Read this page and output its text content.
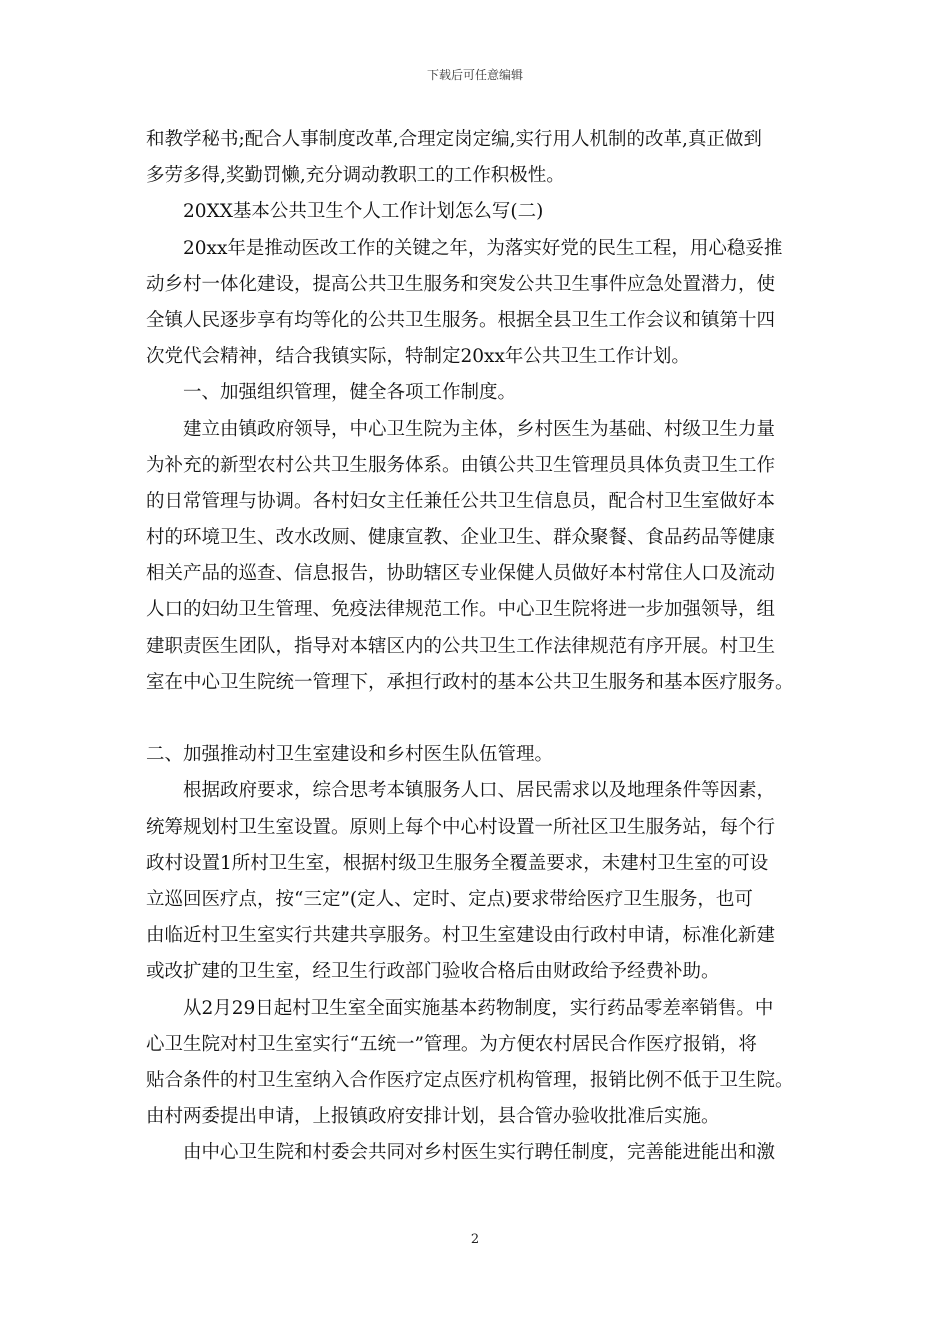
下载后可任意编辑
和教学秘书;配合人事制度改革,合理定岗定编,实行用人机制的改革,真正做到
多劳多得,奖勤罚懒,充分调动教职工的工作积极性。
20XX基本公共卫生个人工作计划怎么写(二)
20xx年是推动医改工作的关键之年，为落实好党的民生工程，用心稳妥推
动乡村一体化建设，提高公共卫生服务和突发公共卫生事件应急处置潜力，使
全镇人民逐步享有均等化的公共卫生服务。根据全县卫生工作会议和镇第十四
次党代会精神，结合我镇实际，特制定20xx年公共卫生工作计划。
一、加强组织管理，健全各项工作制度。
建立由镇政府领导，中心卫生院为主体，乡村医生为基础、村级卫生力量
为补充的新型农村公共卫生服务体系。由镇公共卫生管理员具体负责卫生工作
的日常管理与协调。各村妇女主任兼任公共卫生信息员，配合村卫生室做好本
村的环境卫生、改水改厕、健康宣教、企业卫生、群众聚餐、食品药品等健康
相关产品的巡查、信息报告，协助辖区专业保健人员做好本村常住人口及流动
人口的妇幼卫生管理、免疫法律规范工作。中心卫生院将进一步加强领导，组
建职责医生团队，指导对本辖区内的公共卫生工作法律规范有序开展。村卫生
室在中心卫生院统一管理下，承担行政村的基本公共卫生服务和基本医疗服务。
二、加强推动村卫生室建设和乡村医生队伍管理。
根据政府要求，综合思考本镇服务人口、居民需求以及地理条件等因素，
统筹规划村卫生室设置。原则上每个中心村设置一所社区卫生服务站，每个行
政村设置1所村卫生室，根据村级卫生服务全覆盖要求，未建村卫生室的可设
立巡回医疗点，按“三定”(定人、定时、定点)要求带给医疗卫生服务，也可
由临近村卫生室实行共建共享服务。村卫生室建设由行政村申请，标准化新建
或改扩建的卫生室，经卫生行政部门验收合格后由财政给予经费补助。
从2月29日起村卫生室全面实施基本药物制度，实行药品零差率销售。中
心卫生院对村卫生室实行“五统一”管理。为方便农村居民合作医疗报销，将
贴合条件的村卫生室纳入合作医疗定点医疗机构管理，报销比例不低于卫生院。
由村两委提出申请，上报镇政府安排计划，县合管办验收批准后实施。
由中心卫生院和村委会共同对乡村医生实行聘任制度，完善能进能出和激
2
